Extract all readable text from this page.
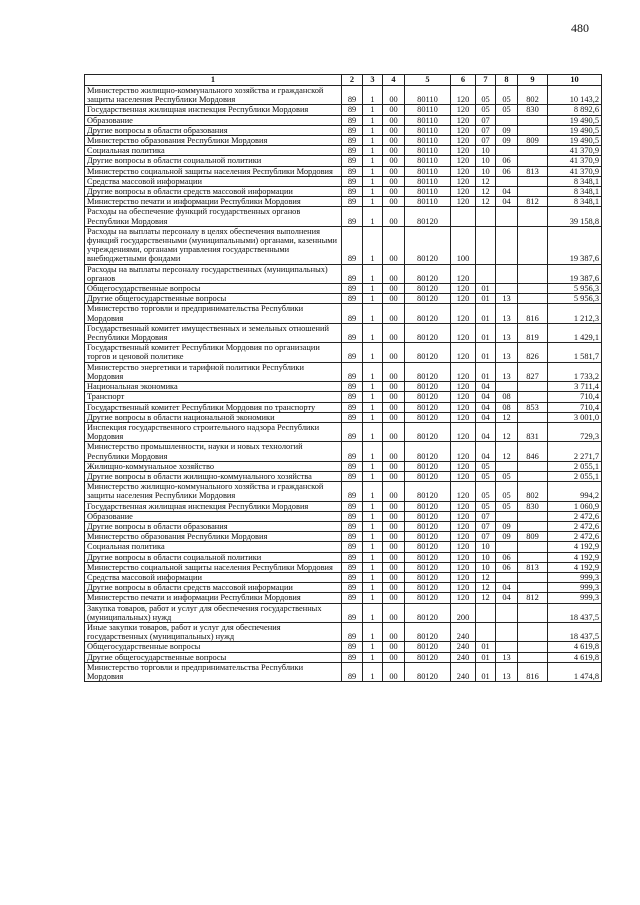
480
1	2	3	4	5	6	7	8	9	10
Министерство жилищно-коммунального хозяйства и гражданской защиты населения Республики Мордовия	89	1	00	80110	120	05	05	802	10 143,2
Государственная жилищная инспекция Республики Мордовия	89	1	00	80110	120	05	05	830	8 892,6
Образование	89	1	00	80110	120	07			19 490,5
Другие вопросы в области образования	89	1	00	80110	120	07	09		19 490,5
Министерство образования Республики Мордовия	89	1	00	80110	120	07	09	809	19 490,5
Социальная политика	89	1	00	80110	120	10			41 370,9
Другие вопросы в области социальной политики	89	1	00	80110	120	10	06		41 370,9
Министерство социальной защиты населения Республики Мордовия	89	1	00	80110	120	10	06	813	41 370,9
Средства массовой информации	89	1	00	80110	120	12			8 348,1
Другие вопросы в области средств массовой информации	89	1	00	80110	120	12	04		8 348,1
Министерство печати и информации Республики Мордовия	89	1	00	80110	120	12	04	812	8 348,1
Расходы на обеспечение функций государственных органов Республики Мордовия	89	1	00	80120					39 158,8
Расходы на выплаты персоналу в целях обеспечения выполнения функций государственными (муниципальными) органами, казенными учреждениями, органами управления государственными внебюджетными фондами	89	1	00	80120	100				19 387,6
Расходы на выплаты персоналу государственных (муниципальных) органов	89	1	00	80120	120				19 387,6
Общегосударственные вопросы	89	1	00	80120	120	01			5 956,3
Другие общегосударственные вопросы	89	1	00	80120	120	01	13		5 956,3
Министерство торговли и предпринимательства Республики Мордовия	89	1	00	80120	120	01	13	816	1 212,3
Государственный комитет имущественных и земельных отношений Республики Мордовия	89	1	00	80120	120	01	13	819	1 429,1
Государственный комитет Республики Мордовия по организации торгов и ценовой политике	89	1	00	80120	120	01	13	826	1 581,7
Министерство энергетики и тарифной политики Республики Мордовия	89	1	00	80120	120	01	13	827	1 733,2
Национальная экономика	89	1	00	80120	120	04			3 711,4
Транспорт	89	1	00	80120	120	04	08		710,4
Государственный комитет Республики Мордовия по транспорту	89	1	00	80120	120	04	08	853	710,4
Другие вопросы в области национальной экономики	89	1	00	80120	120	04	12		3 001,0
Инспекция государственного строительного надзора Республики Мордовия	89	1	00	80120	120	04	12	831	729,3
Министерство промышленности, науки и новых технологий Республики Мордовия	89	1	00	80120	120	04	12	846	2 271,7
Жилищно-коммунальное хозяйство	89	1	00	80120	120	05			2 055,1
Другие вопросы в области жилищно-коммунального хозяйства	89	1	00	80120	120	05	05		2 055,1
Министерство жилищно-коммунального хозяйства и гражданской защиты населения Республики Мордовия	89	1	00	80120	120	05	05	802	994,2
Государственная жилищная инспекция Республики Мордовия	89	1	00	80120	120	05	05	830	1 060,9
Образование	89	1	00	80120	120	07			2 472,6
Другие вопросы в области образования	89	1	00	80120	120	07	09		2 472,6
Министерство образования Республики Мордовия	89	1	00	80120	120	07	09	809	2 472,6
Социальная политика	89	1	00	80120	120	10			4 192,9
Другие вопросы в области социальной политики	89	1	00	80120	120	10	06		4 192,9
Министерство социальной защиты населения Республики Мордовия	89	1	00	80120	120	10	06	813	4 192,9
Средства массовой информации	89	1	00	80120	120	12			999,3
Другие вопросы в области средств массовой информации	89	1	00	80120	120	12	04		999,3
Министерство печати и информации Республики Мордовия	89	1	00	80120	120	12	04	812	999,3
Закупка товаров, работ и услуг для обеспечения государственных (муниципальных) нужд	89	1	00	80120	200				18 437,5
Иные закупки товаров, работ и услуг для обеспечения государственных (муниципальных) нужд	89	1	00	80120	240				18 437,5
Общегосударственные вопросы	89	1	00	80120	240	01			4 619,8
Другие общегосударственные вопросы	89	1	00	80120	240	01	13		4 619,8
Министерство торговли и предпринимательства Республики Мордовия	89	1	00	80120	240	01	13	816	1 474,8
